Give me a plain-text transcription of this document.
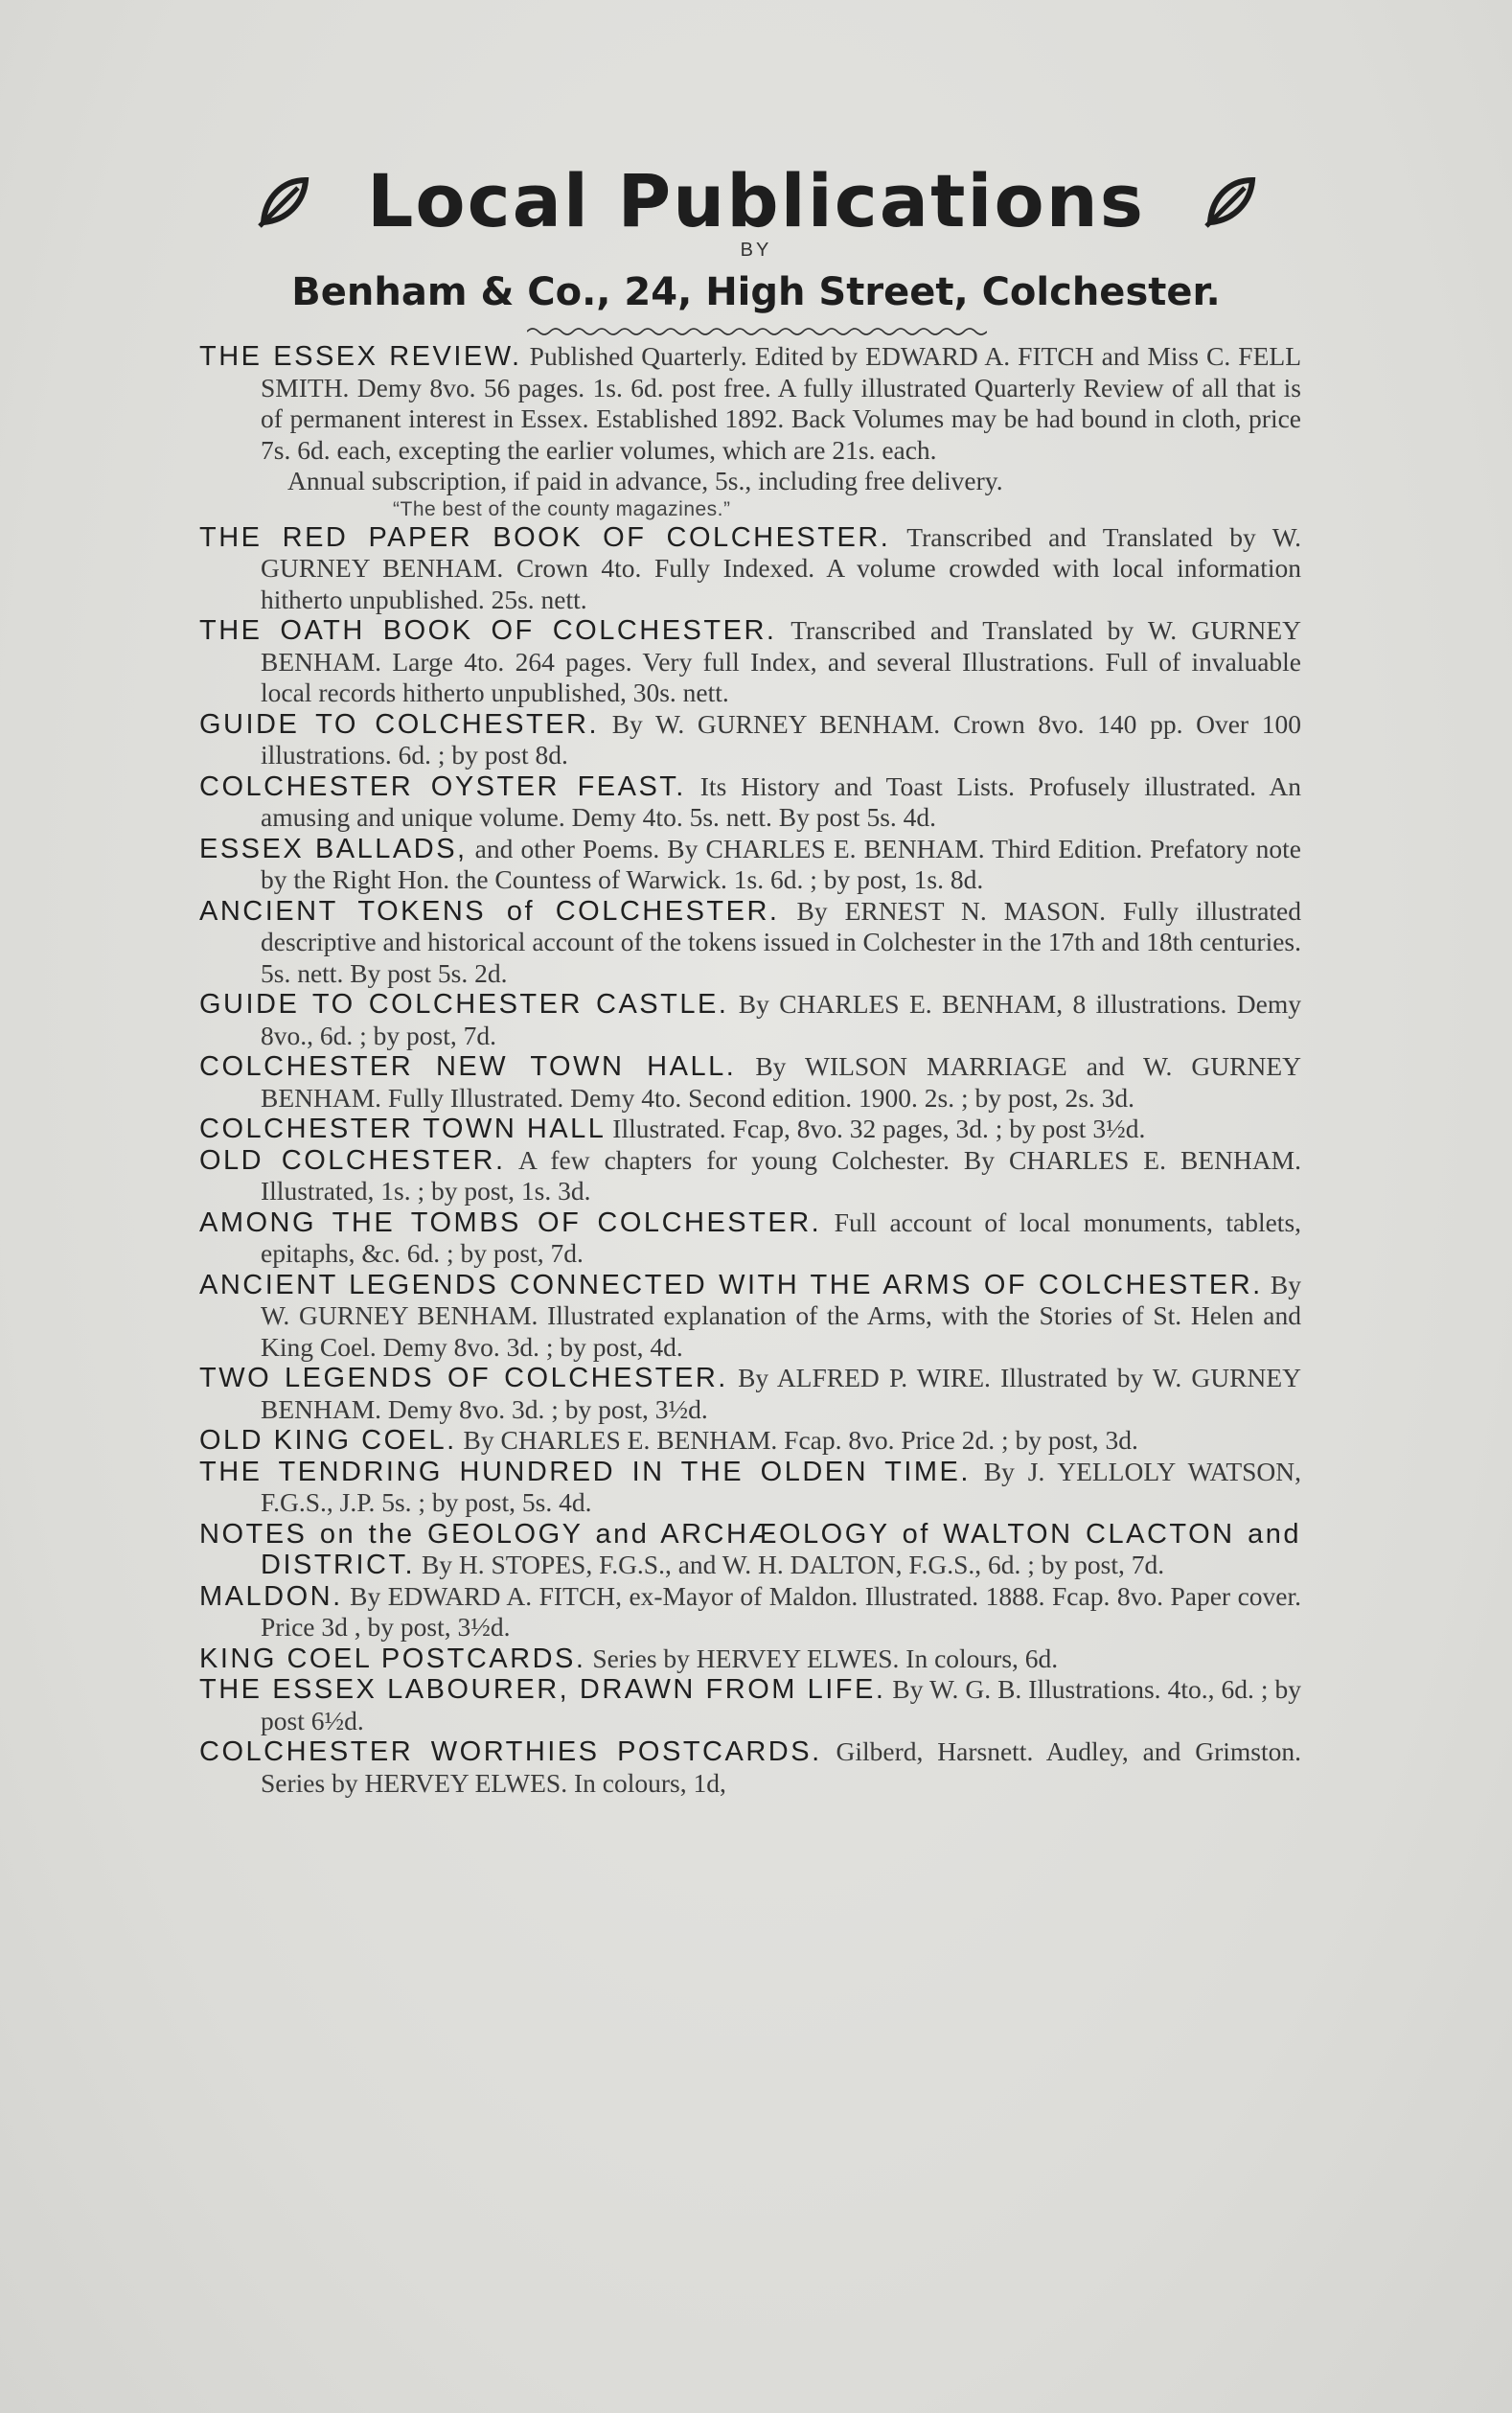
Local Publications
BY
Benham & Co., 24, High Street, Colchester.

THE ESSEX REVIEW. Published Quarterly. Edited by EDWARD A. FITCH and Miss C. FELL SMITH. Demy 8vo. 56 pages. 1s. 6d. post free. A fully illustrated Quarterly Review of all that is of permanent interest in Essex. Established 1892. Back Volumes may be had bound in cloth, price 7s. 6d. each, excepting the earlier volumes, which are 21s. each.

Annual subscription, if paid in advance, 5s., including free delivery.

“The best of the county magazines.”

THE RED PAPER BOOK OF COLCHESTER. Transcribed and Translated by W. GURNEY BENHAM. Crown 4to. Fully Indexed. A volume crowded with local information hitherto unpublished. 25s. nett.

THE OATH BOOK OF COLCHESTER. Transcribed and Translated by W. GURNEY BENHAM. Large 4to. 264 pages. Very full Index, and several Illustrations. Full of invaluable local records hitherto unpublished, 30s. nett.

GUIDE TO COLCHESTER. By W. GURNEY BENHAM. Crown 8vo. 140 pp. Over 100 illustrations. 6d. ; by post 8d.

COLCHESTER OYSTER FEAST. Its History and Toast Lists. Profusely illustrated. An amusing and unique volume. Demy 4to. 5s. nett. By post 5s. 4d.

ESSEX BALLADS, and other Poems. By CHARLES E. BENHAM. Third Edition. Prefatory note by the Right Hon. the Countess of Warwick. 1s. 6d. ; by post, 1s. 8d.

ANCIENT TOKENS of COLCHESTER. By ERNEST N. MASON. Fully illustrated descriptive and historical account of the tokens issued in Colchester in the 17th and 18th centuries. 5s. nett. By post 5s. 2d.

GUIDE TO COLCHESTER CASTLE. By CHARLES E. BENHAM, 8 illustrations. Demy 8vo., 6d. ; by post, 7d.

COLCHESTER NEW TOWN HALL. By WILSON MARRIAGE and W. GURNEY BENHAM. Fully Illustrated. Demy 4to. Second edition. 1900. 2s. ; by post, 2s. 3d.

COLCHESTER TOWN HALL Illustrated. Fcap, 8vo. 32 pages, 3d. ; by post 3½d.

OLD COLCHESTER. A few chapters for young Colchester. By CHARLES E. BENHAM. Illustrated, 1s. ; by post, 1s. 3d.

AMONG THE TOMBS OF COLCHESTER. Full account of local monuments, tablets, epitaphs, &c. 6d. ; by post, 7d.

ANCIENT LEGENDS CONNECTED WITH THE ARMS OF COLCHESTER. By W. GURNEY BENHAM. Illustrated explanation of the Arms, with the Stories of St. Helen and King Coel. Demy 8vo. 3d. ; by post, 4d.

TWO LEGENDS OF COLCHESTER. By ALFRED P. WIRE. Illustrated by W. GURNEY BENHAM. Demy 8vo. 3d. ; by post, 3½d.

OLD KING COEL. By CHARLES E. BENHAM. Fcap. 8vo. Price 2d. ; by post, 3d.

THE TENDRING HUNDRED IN THE OLDEN TIME. By J. YELLOLY WATSON, F.G.S., J.P. 5s. ; by post, 5s. 4d.

NOTES on the GEOLOGY and ARCHÆOLOGY of WALTON CLACTON and DISTRICT. By H. STOPES, F.G.S., and W. H. DALTON, F.G.S., 6d. ; by post, 7d.

MALDON. By EDWARD A. FITCH, ex-Mayor of Maldon. Illustrated. 1888. Fcap. 8vo. Paper cover. Price 3d , by post, 3½d.

KING COEL POSTCARDS. Series by HERVEY ELWES. In colours, 6d.

THE ESSEX LABOURER, DRAWN FROM LIFE. By W. G. B. Illustrations. 4to., 6d. ; by post 6½d.

COLCHESTER WORTHIES POSTCARDS. Gilberd, Harsnett. Audley, and Grimston. Series by HERVEY ELWES. In colours, 1d,
